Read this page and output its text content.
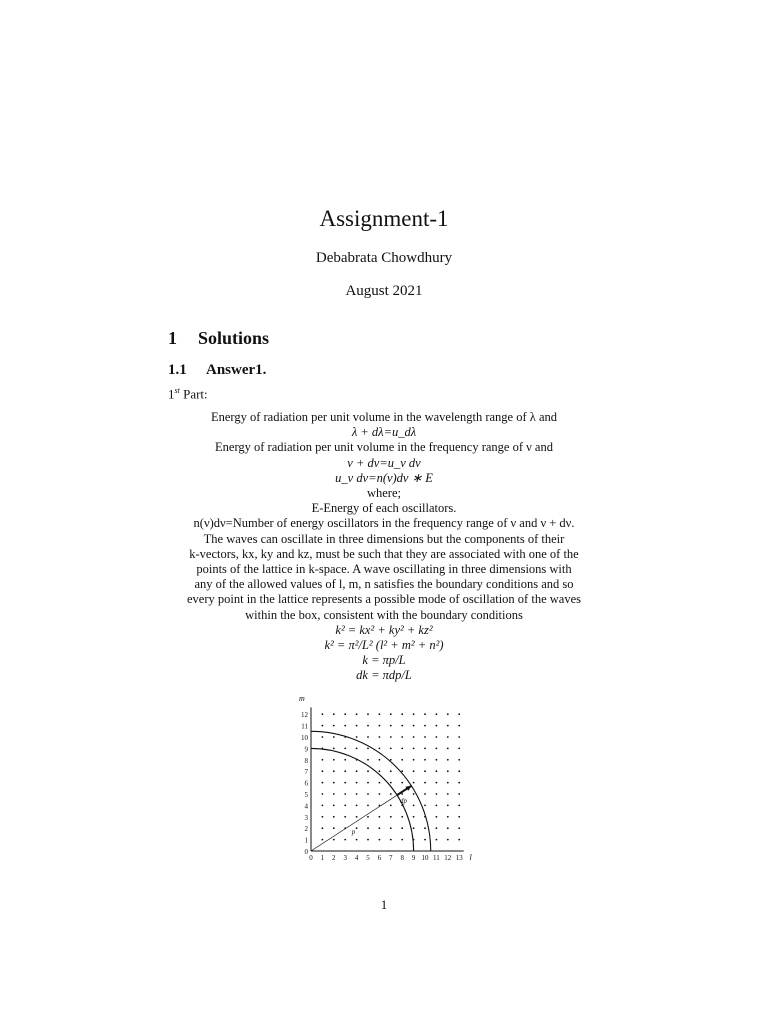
Assignment-1
Debabrata Chowdhury
August 2021
1 Solutions
1.1 Answer1.
1st Part:
Energy of radiation per unit volume in the wavelength range of λ and
λ + dλ=u_dλ
Energy of radiation per unit volume in the frequency range of ν and
ν + dν=u_ν dν
u_ν dν=n(ν)dν ∗ E
where;
E-Energy of each oscillators.
n(ν)dν=Number of energy oscillators in the frequency range of ν and ν + dν.
The waves can oscillate in three dimensions but the components of their
k-vectors, kx, ky and kz, must be such that they are associated with one of the
points of the lattice in k-space. A wave oscillating in three dimensions with
any of the allowed values of l, m, n satisfies the boundary conditions and so
every point in the lattice represents a possible mode of oscillation of the waves
within the box, consistent with the boundary conditions
k² = kx² + ky² + kz²
k² = π²/L² (l² + m² + n²)
k = πp/L
dk = πdp/L
0
1
2
3
4
5
6
7
8
9
10
11
12
0 1 2 3 4 5 6 7 8 9 10 11 12 13
m
l
dp
p
1
